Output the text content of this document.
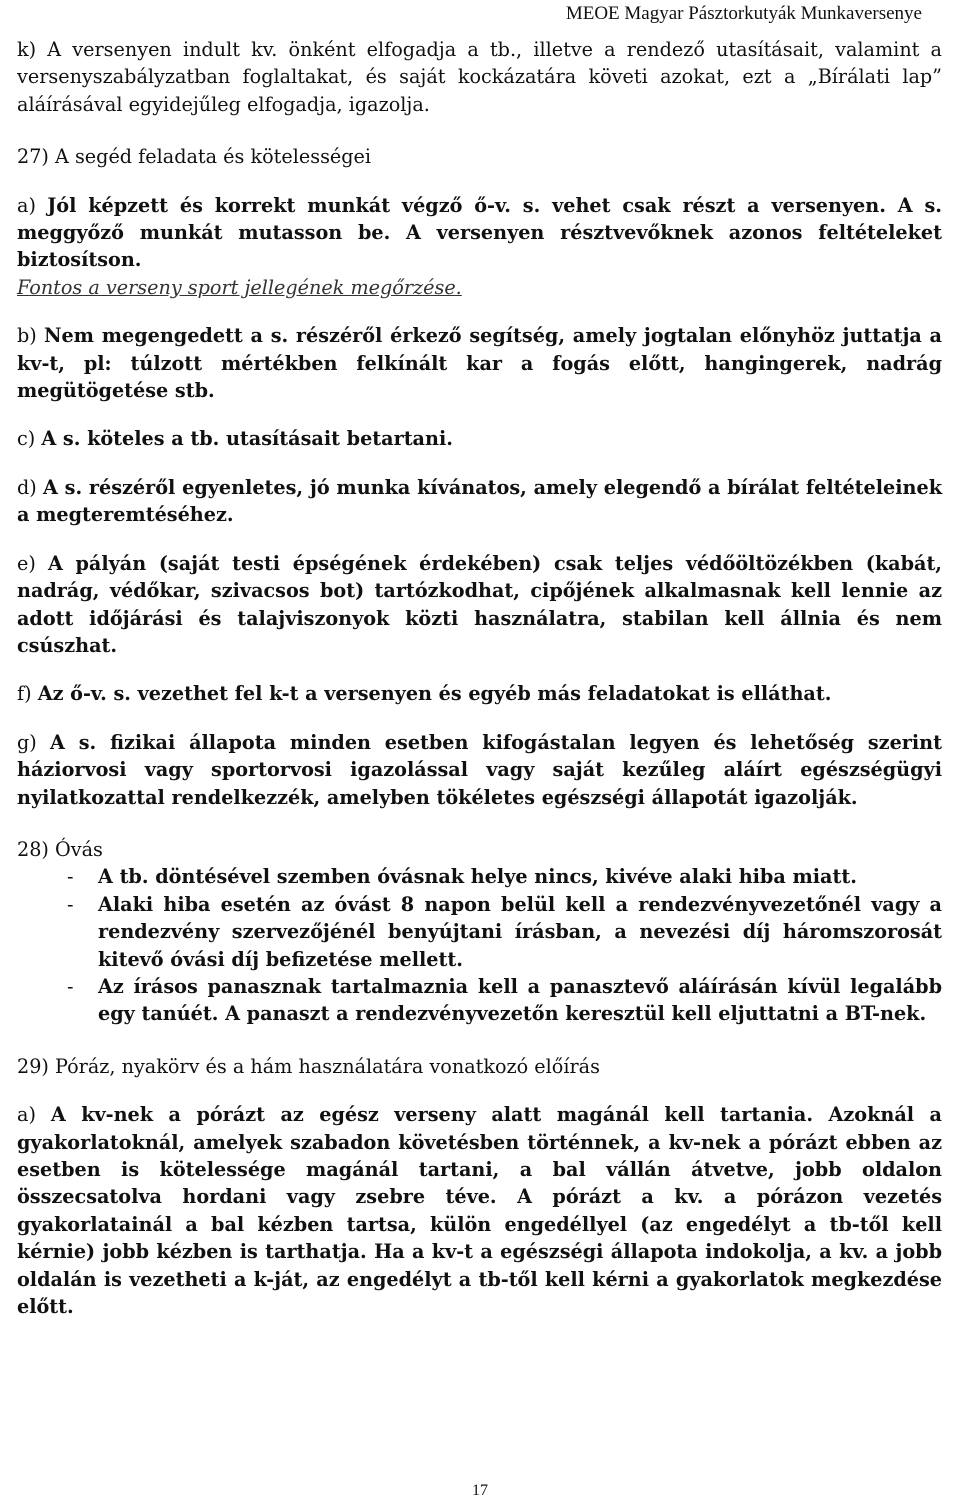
MEOE Magyar Pásztorkutyák Munkaversenye

k) A versenyen indult kv. önként elfogadja a tb., illetve a rendező utasításait, valamint a versenyszabályzatban foglaltakat, és saját kockázatára követi azokat, ezt a „Bírálati lap” aláírásával egyidejűleg elfogadja, igazolja.

27) A segéd feladata és kötelességei

a) Jól képzett és korrekt munkát végző ő-v. s. vehet csak részt a versenyen. A s. meggyőző munkát mutasson be. A versenyen résztvevőknek azonos feltételeket biztosítson.

Fontos a verseny sport jellegének megőrzése.

b) Nem megengedett a s. részéről érkező segítség, amely jogtalan előnyhöz juttatja a kv-t, pl: túlzott mértékben felkínált kar a fogás előtt, hangingerek, nadrág megütögetése stb.

c) A s. köteles a tb. utasításait betartani.

d) A s. részéről egyenletes, jó munka kívánatos, amely elegendő a bírálat feltételeinek a megteremtéséhez.

e) A pályán (saját testi épségének érdekében) csak teljes védőöltözékben (kabát, nadrág, védőkar, szivacsos bot) tartózkodhat, cipőjének alkalmasnak kell lennie az adott időjárási és talajviszonyok közti használatra, stabilan kell állnia és nem csúszhat.

f) Az ő-v. s. vezethet fel k-t a versenyen és egyéb más feladatokat is elláthat.

g) A s. fizikai állapota minden esetben kifogástalan legyen és lehetőség szerint háziorvosi vagy sportorvosi igazolással vagy saját kezűleg aláírt egészségügyi nyilatkozattal rendelkezzék, amelyben tökéletes egészségi állapotát igazolják.

28) Óvás

- A tb. döntésével szemben óvásnak helye nincs, kivéve alaki hiba miatt.
- Alaki hiba esetén az óvást 8 napon belül kell a rendezvényvezetőnél vagy a rendezvény szervezőjénél benyújtani írásban, a nevezési díj háromszorosát kitevő óvási díj befizetése mellett.
- Az írásos panasznak tartalmaznia kell a panasztevő aláírásán kívül legalább egy tanúét. A panaszt a rendezvényvezetőn keresztül kell eljuttatni a BT-nek.

29) Póráz, nyakörv és a hám használatára vonatkozó előírás

a) A kv-nek a pórázt az egész verseny alatt magánál kell tartania. Azoknál a gyakorlatoknál, amelyek szabadon követésben történnek, a kv-nek a pórázt ebben az esetben is kötelessége magánál tartani, a bal vállán átvetve, jobb oldalon összecsatolva hordani vagy zsebre téve. A pórázt a kv. a pórázon vezetés gyakorlatainál a bal kézben tartsa, külön engedéllyel (az engedélyt a tb-től kell kérnie) jobb kézben is tarthatja. Ha a kv-t a egészségi állapota indokolja, a kv. a jobb oldalán is vezetheti a k-ját, az engedélyt a tb-től kell kérni a gyakorlatok megkezdése előtt.

17
